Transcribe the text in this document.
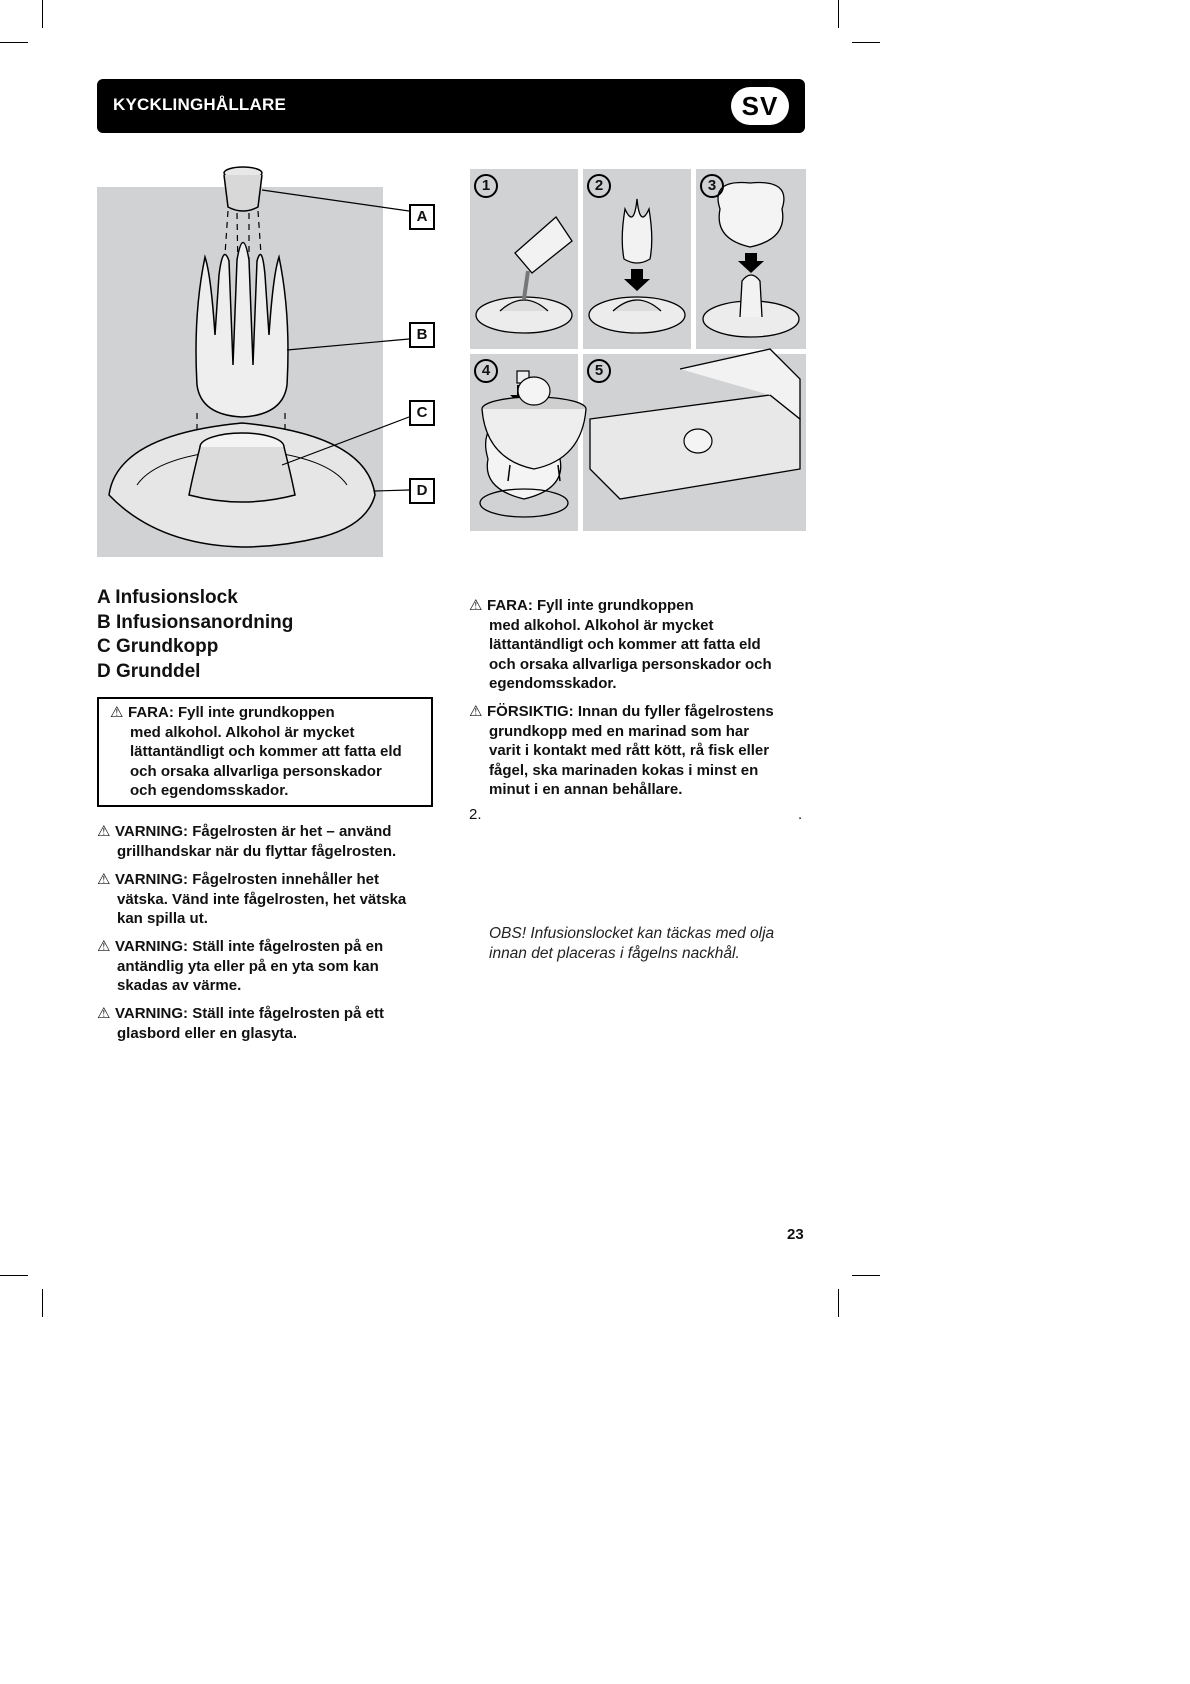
KYCKLINGHÅLLARE	SV
A
B
C
D
1	2	3
4	5
A Infusionslock
B Infusionsanordning
C Grundkopp
D Grunddel
⚠ FARA: Fyll inte grundkoppen
med alkohol. Alkohol är mycket
lättantändligt och kommer att fatta eld
och orsaka allvarliga personskador
och egendomsskador.
⚠ VARNING: Fågelrosten är het – använd
grillhandskar när du flyttar fågelrosten.
⚠ VARNING: Fågelrosten innehåller het
vätska. Vänd inte fågelrosten, het vätska
kan spilla ut.
⚠ VARNING: Ställ inte fågelrosten på en
antändlig yta eller på en yta som kan
skadas av värme.
⚠ VARNING: Ställ inte fågelrosten på ett
glasbord eller en glasyta.
⚠ FARA: Fyll inte grundkoppen
med alkohol. Alkohol är mycket
lättantändligt och kommer att fatta eld
och orsaka allvarliga personskador och
egendomsskador.
⚠ FÖRSIKTIG: Innan du fyller fågelrostens
grundkopp med en marinad som har
varit i kontakt med rått kött, rå fisk eller
fågel, ska marinaden kokas i minst en
minut i en annan behållare.
2.	.
OBS! Infusionslocket kan täckas med olja
innan det placeras i fågelns nackhål.
23
